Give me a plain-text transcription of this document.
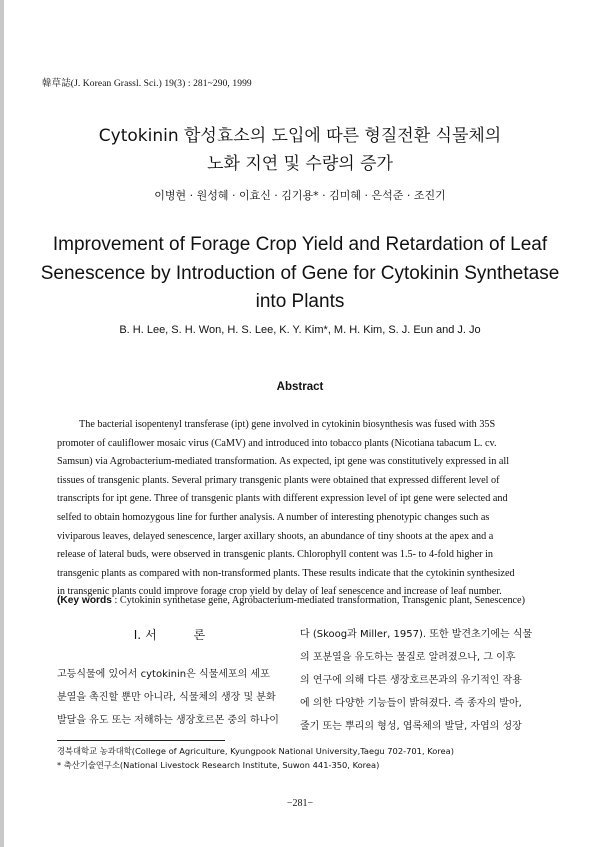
韓草誌(J. Korean Grassl. Sci.) 19(3) : 281~290, 1999
Cytokinin 합성효소의 도입에 따른 형질전환 식물체의
노화 지연 및 수량의 증가
이병현 · 원성혜 · 이효신 · 김기용* · 김미혜 · 은석준 · 조진기
Improvement of Forage Crop Yield and Retardation of Leaf
Senescence by Introduction of Gene for Cytokinin Synthetase
into Plants
B. H. Lee, S. H. Won, H. S. Lee, K. Y. Kim*, M. H. Kim, S. J. Eun and J. Jo
Abstract
The bacterial isopentenyl transferase (ipt) gene involved in cytokinin biosynthesis was fused with 35S
promoter of cauliflower mosaic virus (CaMV) and introduced into tobacco plants (Nicotiana tabacum L. cv.
Samsun) via Agrobacterium-mediated transformation. As expected, ipt gene was constitutively expressed in all
tissues of transgenic plants. Several primary transgenic plants were obtained that expressed different level of
transcripts for ipt gene. Three of transgenic plants with different expression level of ipt gene were selected and
selfed to obtain homozygous line for further analysis. A number of interesting phenotypic changes such as
viviparous leaves, delayed senescence, larger axillary shoots, an abundance of tiny shoots at the apex and a
release of lateral buds, were observed in transgenic plants. Chlorophyll content was 1.5- to 4-fold higher in
transgenic plants as compared with non-transformed plants. These results indicate that the cytokinin synthesized
in transgenic plants could improve forage crop yield by delay of leaf senescence and increase of leaf number.
(Key words : Cytokinin synthetase gene, Agrobacterium-mediated transformation, Transgenic plant, Senescence)
Ⅰ. 서	론
고등식물에 있어서 cytokinin은 식물세포의 세포
분열을 촉진할 뿐만 아니라, 식물체의 생장 및 분화
발달을 유도 또는 저해하는 생장호르몬 중의 하나이
다 (Skoog과 Miller, 1957). 또한 발견초기에는 식물
의 포분열을 유도하는 물질로 알려졌으나, 그 이후
의 연구에 의해 다른 생장호르몬과의 유기적인 작용
에 의한 다양한 기능들이 밝혀졌다. 즉 종자의 발아,
줄기 또는 뿌리의 형성, 엽록체의 발달, 자엽의 성장
경북대학교 농과대학(College of Agriculture, Kyungpook National University,Taegu 702-701, Korea)
* 축산기술연구소(National Livestock Research Institute, Suwon 441-350, Korea)
−281−
